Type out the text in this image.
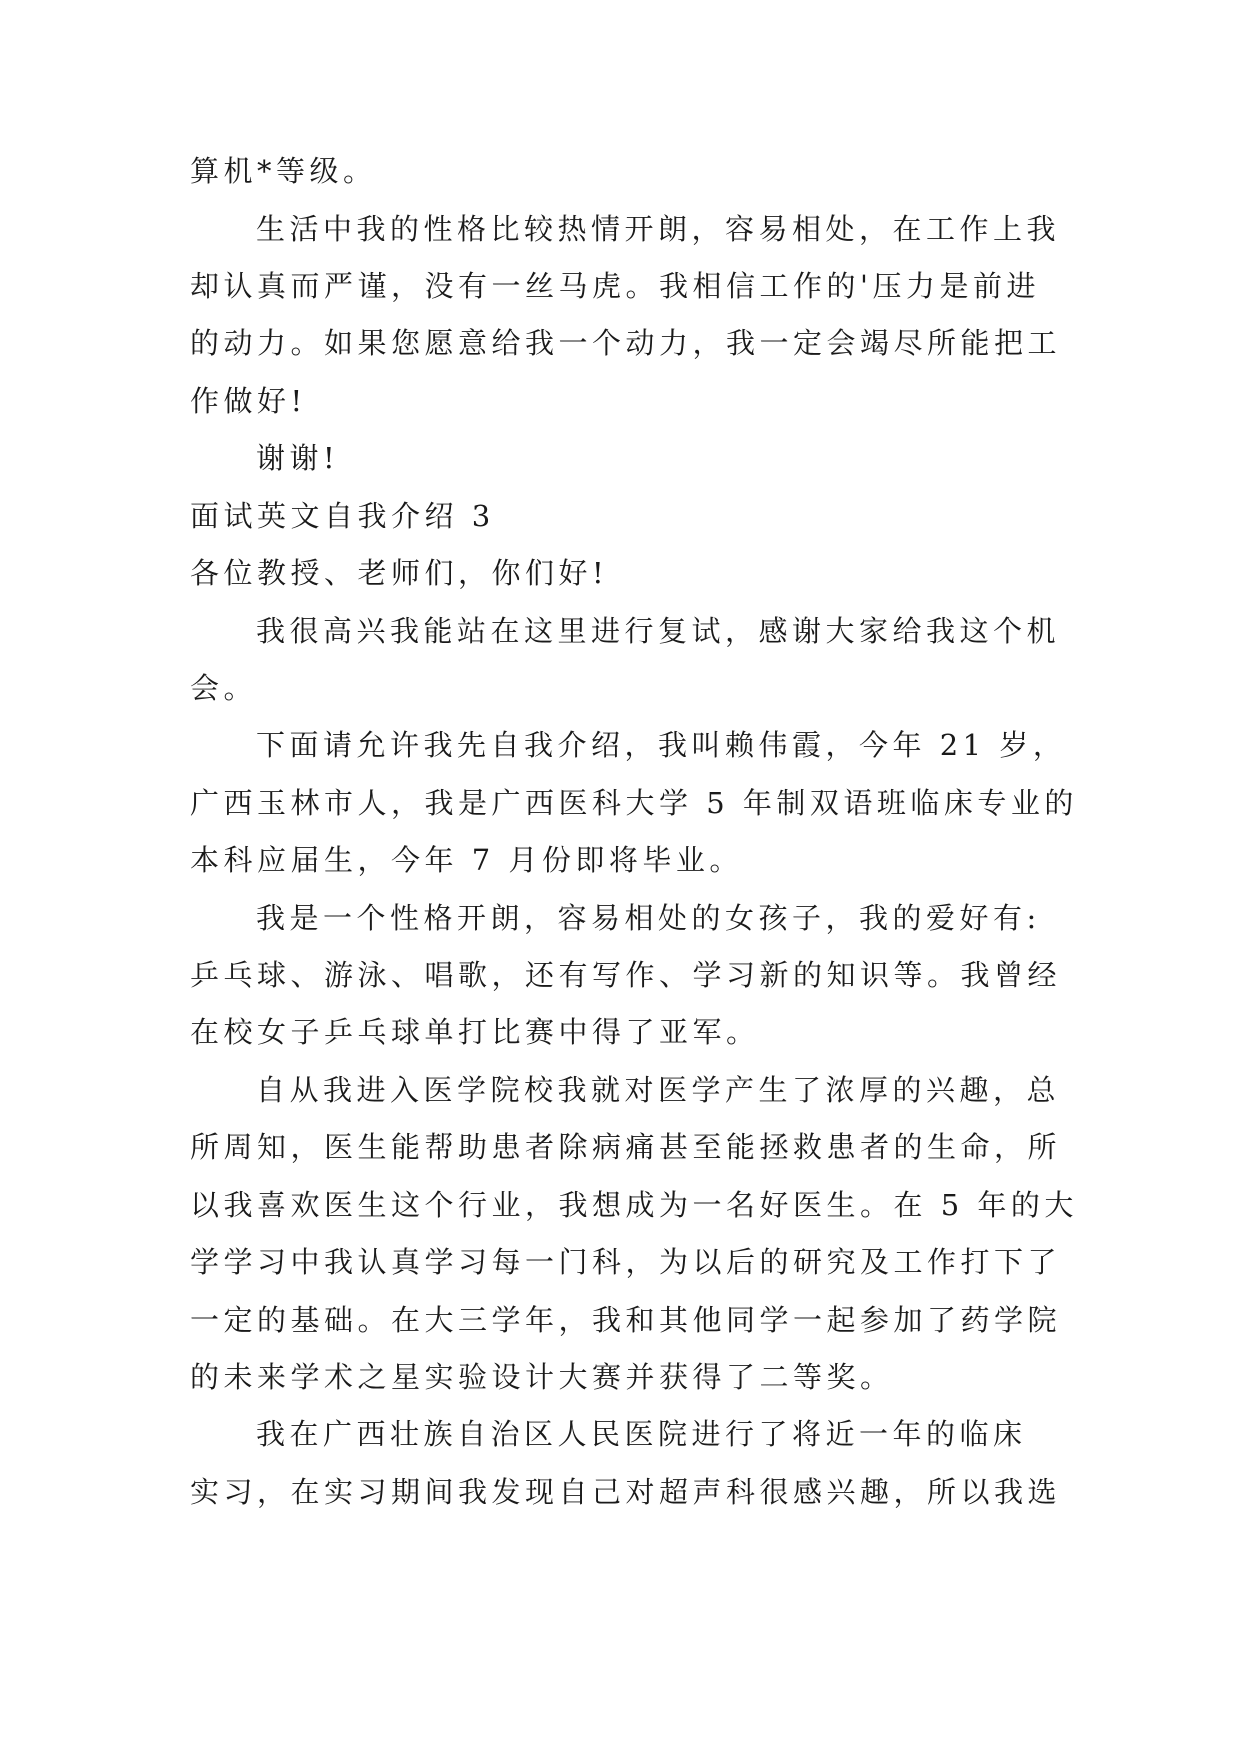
算机*等级。
生活中我的性格比较热情开朗，容易相处，在工作上我
却认真而严谨，没有一丝马虎。我相信工作的'压力是前进
的动力。如果您愿意给我一个动力，我一定会竭尽所能把工
作做好!
谢谢!
面试英文自我介绍 3
各位教授、老师们，你们好!
我很高兴我能站在这里进行复试，感谢大家给我这个机
会。
下面请允许我先自我介绍，我叫赖伟霞，今年 21 岁，
广西玉林市人，我是广西医科大学 5 年制双语班临床专业的
本科应届生，今年 7 月份即将毕业。
我是一个性格开朗，容易相处的女孩子，我的爱好有:
乒乓球、游泳、唱歌，还有写作、学习新的知识等。我曾经
在校女子乒乓球单打比赛中得了亚军。
自从我进入医学院校我就对医学产生了浓厚的兴趣，总
所周知，医生能帮助患者除病痛甚至能拯救患者的生命，所
以我喜欢医生这个行业，我想成为一名好医生。在 5 年的大
学学习中我认真学习每一门科，为以后的研究及工作打下了
一定的基础。在大三学年，我和其他同学一起参加了药学院
的未来学术之星实验设计大赛并获得了二等奖。
我在广西壮族自治区人民医院进行了将近一年的临床
实习，在实习期间我发现自己对超声科很感兴趣，所以我选
